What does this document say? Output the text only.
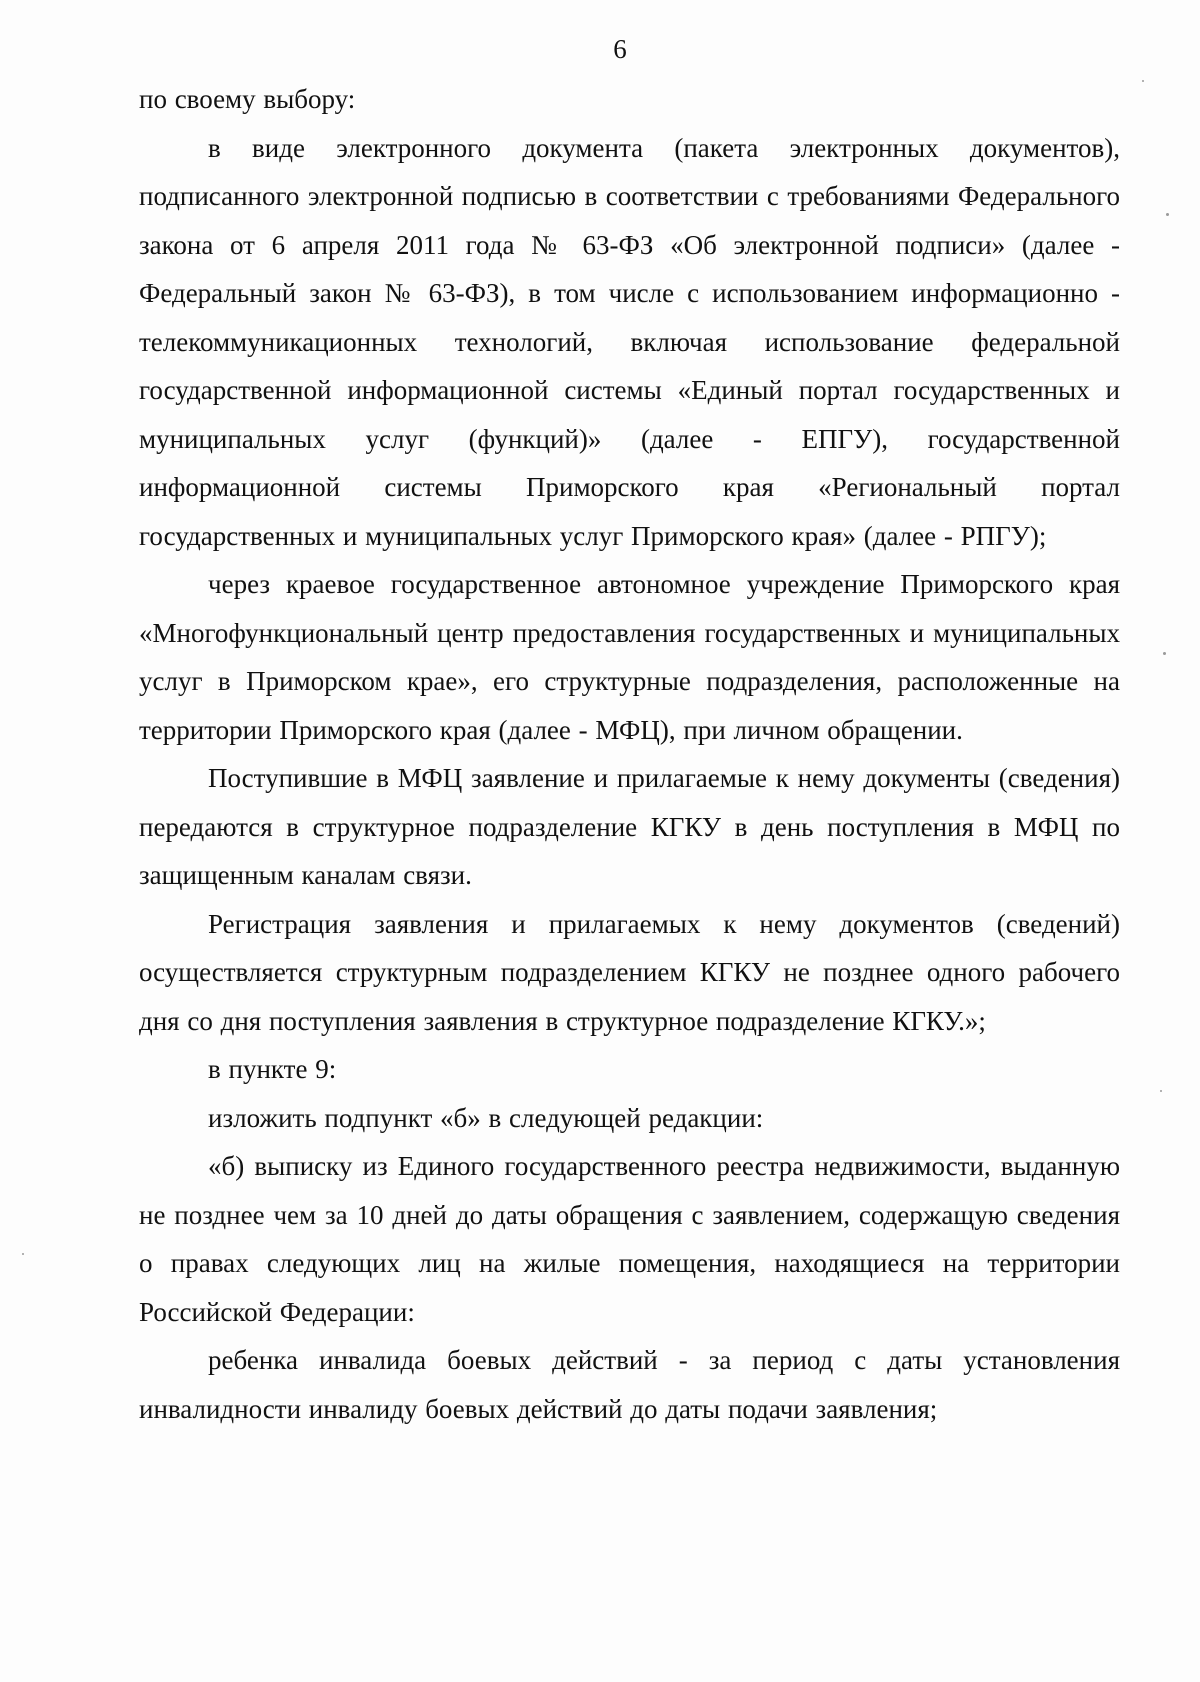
6

по своему выбору:

в виде электронного документа (пакета электронных документов), подписанного электронной подписью в соответствии с требованиями Федерального закона от 6 апреля 2011 года № 63-ФЗ «Об электронной подписи» (далее - Федеральный закон № 63-ФЗ), в том числе с использованием информационно - телекоммуникационных технологий, включая использование федеральной государственной информационной системы «Единый портал государственных и муниципальных услуг (функций)» (далее - ЕПГУ), государственной информационной системы Приморского края «Региональный портал государственных и муниципальных услуг Приморского края» (далее - РПГУ);

через краевое государственное автономное учреждение Приморского края «Многофункциональный центр предоставления государственных и муниципальных услуг в Приморском крае», его структурные подразделения, расположенные на территории Приморского края (далее - МФЦ), при личном обращении.

Поступившие в МФЦ заявление и прилагаемые к нему документы (сведения) передаются в структурное подразделение КГКУ в день поступления в МФЦ по защищенным каналам связи.

Регистрация заявления и прилагаемых к нему документов (сведений) осуществляется структурным подразделением КГКУ не позднее одного рабочего дня со дня поступления заявления в структурное подразделение КГКУ.»;

в пункте 9:

изложить подпункт «б» в следующей редакции:

«б) выписку из Единого государственного реестра недвижимости, выданную не позднее чем за 10 дней до даты обращения с заявлением, содержащую сведения о правах следующих лиц на жилые помещения, находящиеся на территории Российской Федерации:

ребенка инвалида боевых действий - за период с даты установления инвалидности инвалиду боевых действий до даты подачи заявления;
